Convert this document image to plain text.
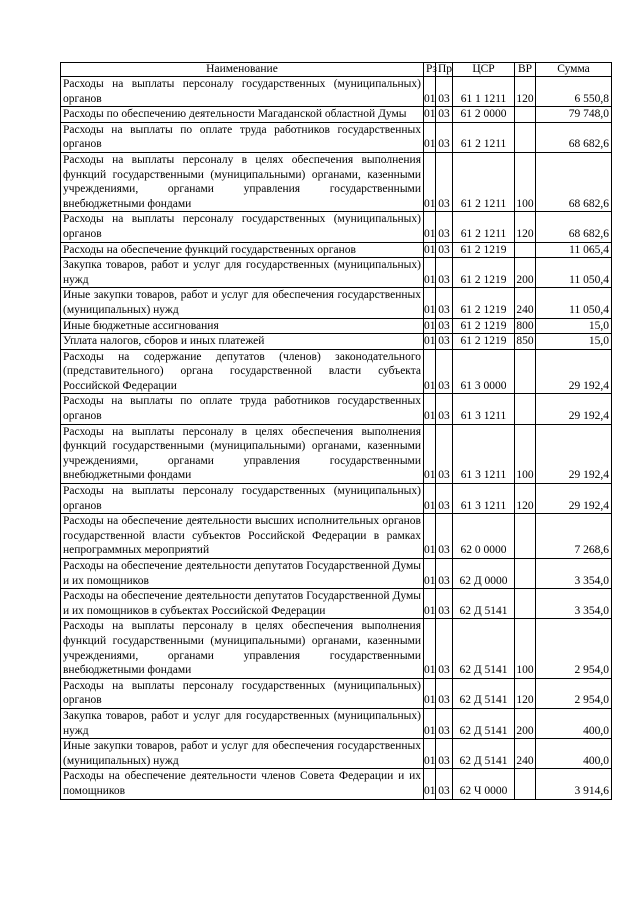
Наименование	Рз	Пр	ЦСР	ВР	Сумма
Расходы на выплаты персоналу государственных (муниципальных) органов	01	03	61 1 1211	120	6 550,8
Расходы по обеспечению деятельности Магаданской областной Думы	01	03	61 2 0000		79 748,0
Расходы на выплаты по оплате труда работников государственных органов	01	03	61 2 1211		68 682,6
Расходы на выплаты персоналу в целях обеспечения выполнения функций государственными (муниципальными) органами, казенными учреждениями, органами управления государственными внебюджетными фондами	01	03	61 2 1211	100	68 682,6
Расходы на выплаты персоналу государственных (муниципальных) органов	01	03	61 2 1211	120	68 682,6
Расходы на обеспечение функций государственных органов	01	03	61 2 1219		11 065,4
Закупка товаров, работ и услуг для государственных (муниципальных) нужд	01	03	61 2 1219	200	11 050,4
Иные закупки товаров, работ и услуг для обеспечения государственных (муниципальных) нужд	01	03	61 2 1219	240	11 050,4
Иные бюджетные ассигнования	01	03	61 2 1219	800	15,0
Уплата налогов, сборов и иных платежей	01	03	61 2 1219	850	15,0
Расходы на содержание депутатов (членов) законодательного (представительного) органа государственной власти субъекта Российской Федерации	01	03	61 3 0000		29 192,4
Расходы на выплаты по оплате труда работников государственных органов	01	03	61 3 1211		29 192,4
Расходы на выплаты персоналу в целях обеспечения выполнения функций государственными (муниципальными) органами, казенными учреждениями, органами управления государственными внебюджетными фондами	01	03	61 3 1211	100	29 192,4
Расходы на выплаты персоналу государственных (муниципальных) органов	01	03	61 3 1211	120	29 192,4
Расходы на обеспечение деятельности высших исполнительных органов государственной власти субъектов Российской Федерации в рамках непрограммных мероприятий	01	03	62 0 0000		7 268,6
Расходы на обеспечение деятельности депутатов Государственной Думы и их помощников	01	03	62 Д 0000		3 354,0
Расходы на обеспечение деятельности депутатов Государственной Думы и их помощников в субъектах Российской Федерации	01	03	62 Д 5141		3 354,0
Расходы на выплаты персоналу в целях обеспечения выполнения функций государственными (муниципальными) органами, казенными учреждениями, органами управления государственными внебюджетными фондами	01	03	62 Д 5141	100	2 954,0
Расходы на выплаты персоналу государственных (муниципальных) органов	01	03	62 Д 5141	120	2 954,0
Закупка товаров, работ и услуг для государственных (муниципальных) нужд	01	03	62 Д 5141	200	400,0
Иные закупки товаров, работ и услуг для обеспечения государственных (муниципальных) нужд	01	03	62 Д 5141	240	400,0
Расходы на обеспечение деятельности членов Совета Федерации и их помощников	01	03	62 Ч 0000		3 914,6
